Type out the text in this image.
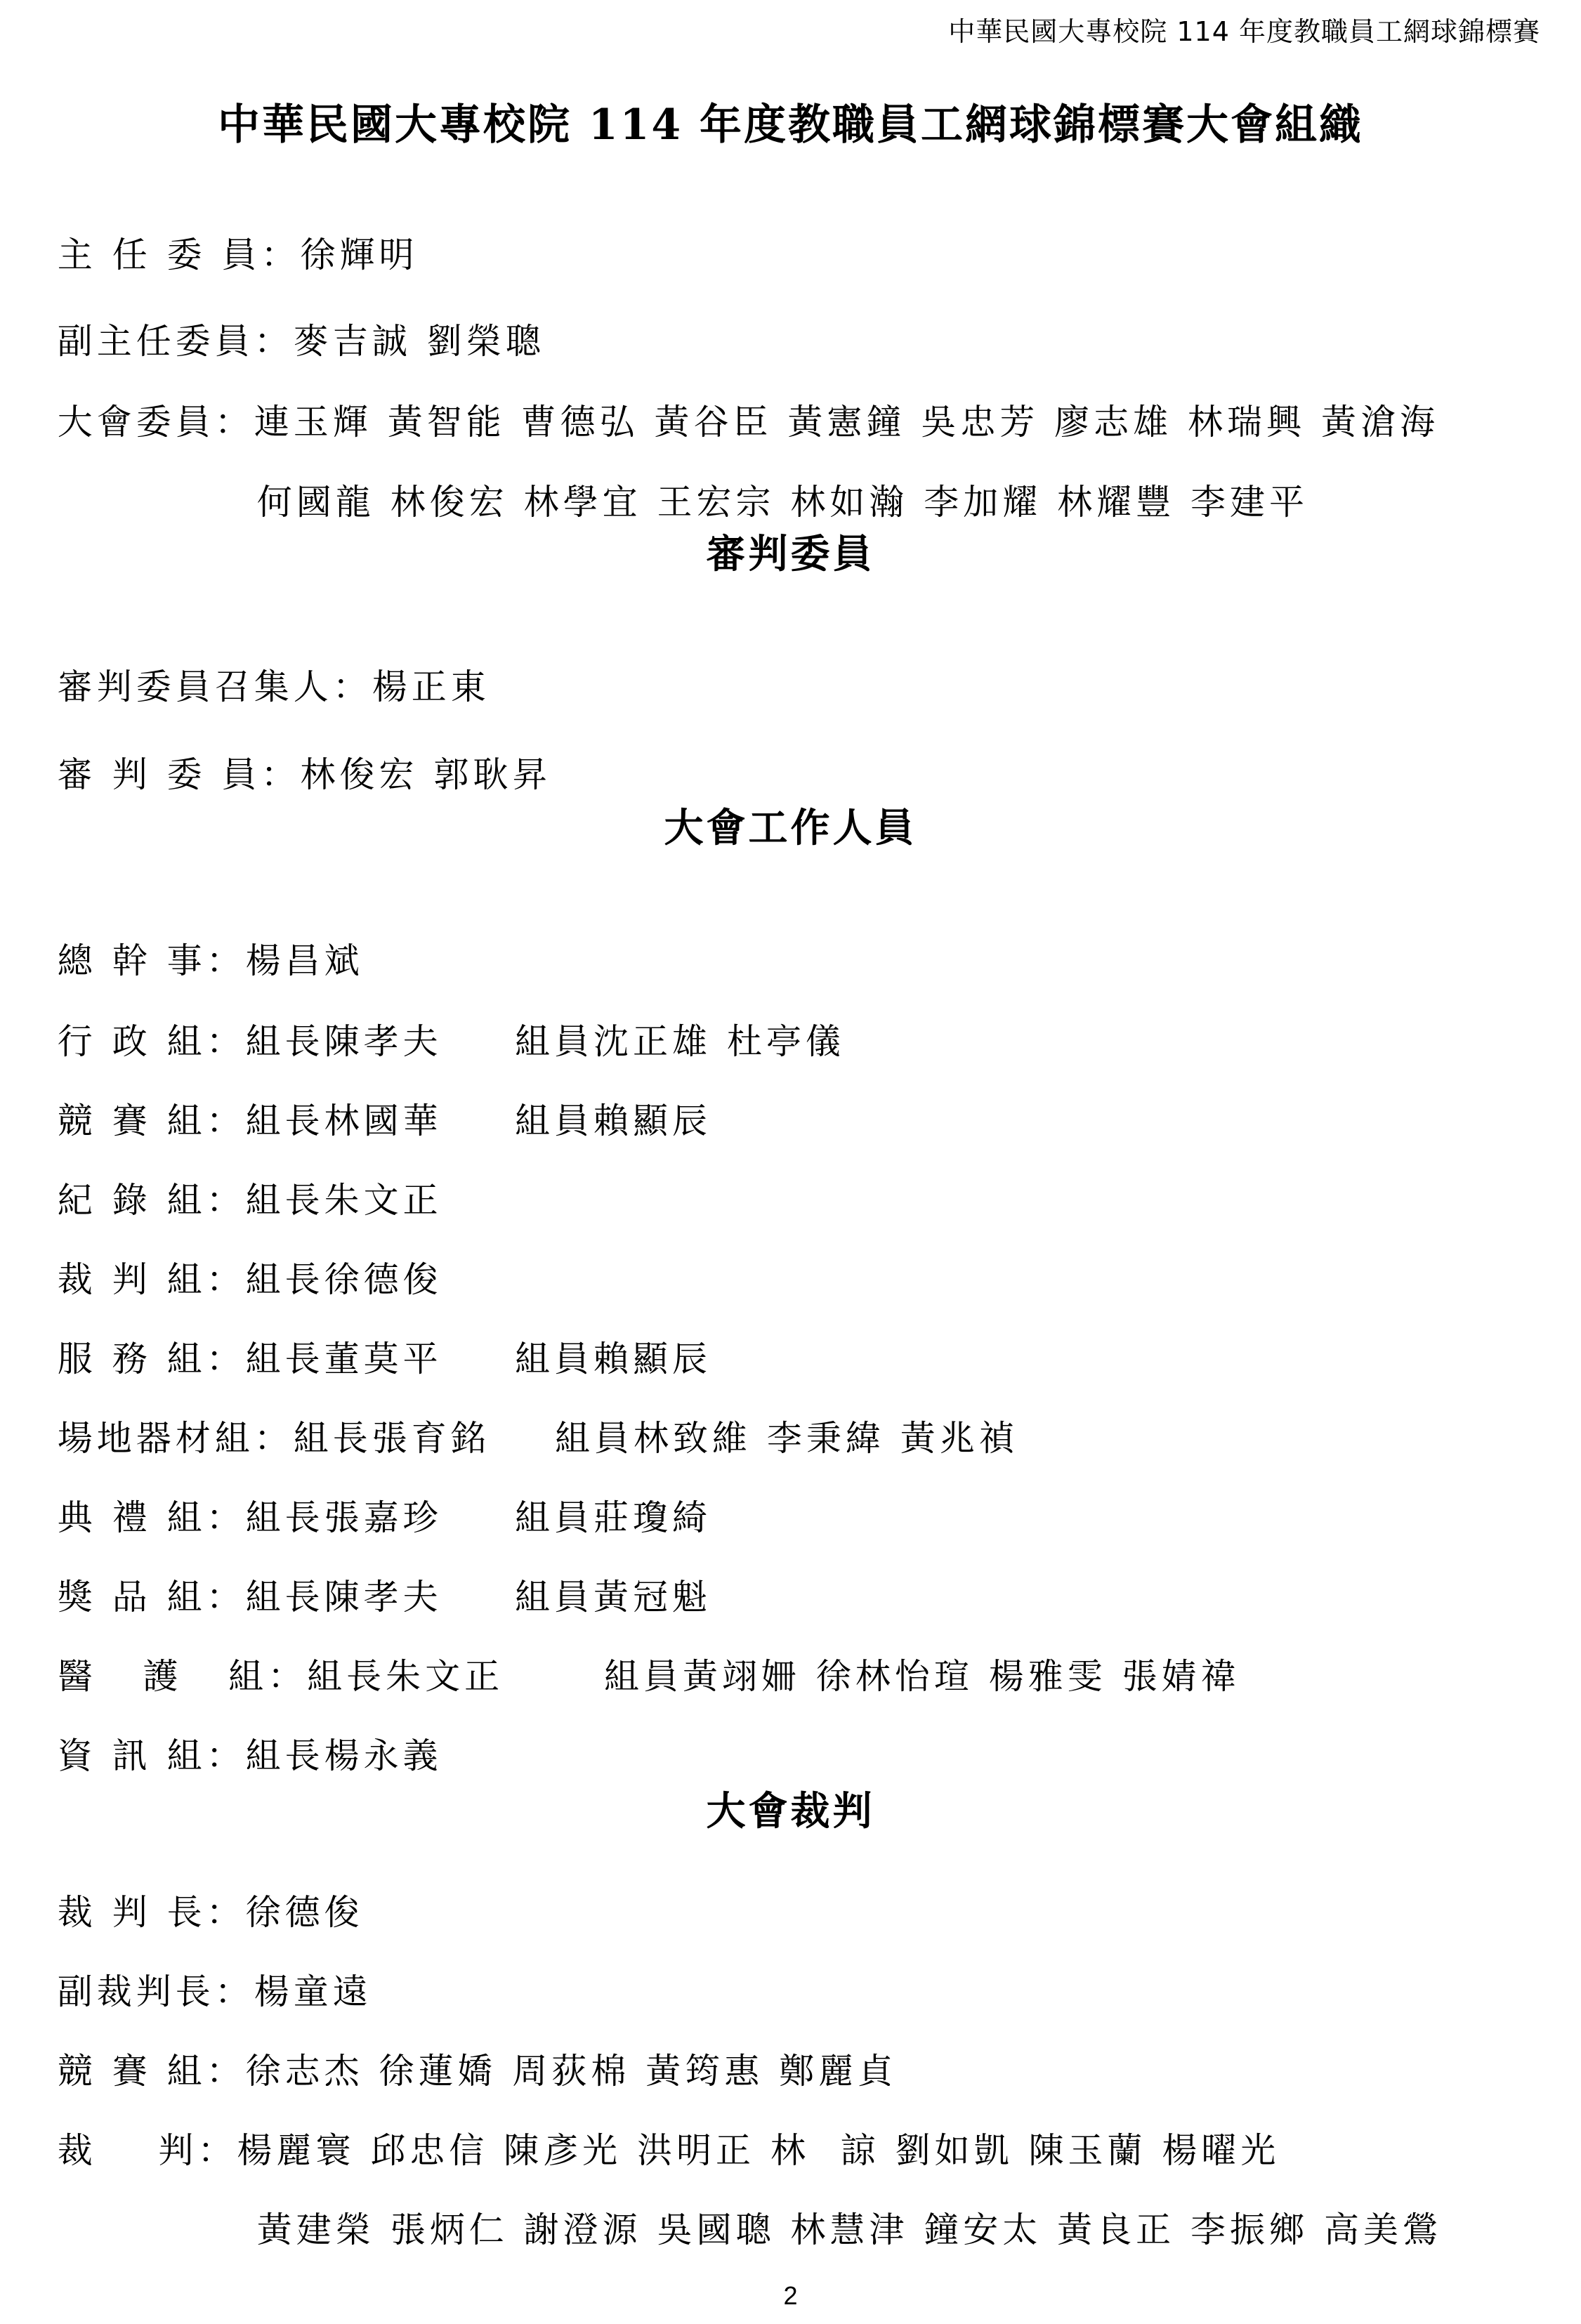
中華民國大專校院 114 年度教職員工網球錦標賽
中華民國大專校院 114 年度教職員工網球錦標賽大會組織

主 任 委 員：徐輝明

副主任委員：麥吉誠 劉榮聰

大會委員：連玉輝 黃智能 曹德弘 黃谷臣 黃憲鐘 吳忠芳 廖志雄 林瑞興 黃滄海

何國龍 林俊宏 林學宜 王宏宗 林如瀚 李加耀 林耀豐 李建平

審判委員

審判委員召集人：楊正東

審 判 委 員：林俊宏 郭耿昇

大會工作人員

總 幹 事：楊昌斌

行 政 組：組長陳孝夫 組員沈正雄 杜亭儀

競 賽 組：組長林國華 組員賴顯辰

紀 錄 組：組長朱文正

裁 判 組：組長徐德俊

服 務 組：組長董莫平 組員賴顯辰

場地器材組：組長張育銘 組員林致維 李秉緯 黃兆禎

典 禮 組：組長張嘉珍 組員莊瓊綺

獎 品 組：組長陳孝夫 組員黃冠魁

醫   護   組：組長朱文正	組員黃翊姍 徐林怡瑄 楊雅雯 張婧禕

資 訊 組：組長楊永義

大會裁判

裁 判 長：徐德俊

副裁判長：楊童遠

競 賽 組：徐志杰 徐蓮嬌 周荻棉 黃筠惠 鄭麗貞

裁    判：楊麗寰 邱忠信 陳彥光 洪明正 林  諒 劉如凱 陳玉蘭 楊曜光

黃建榮 張炳仁 謝澄源 吳國聰 林慧津 鐘安太 黃良正 李振鄉 高美鶯

2
